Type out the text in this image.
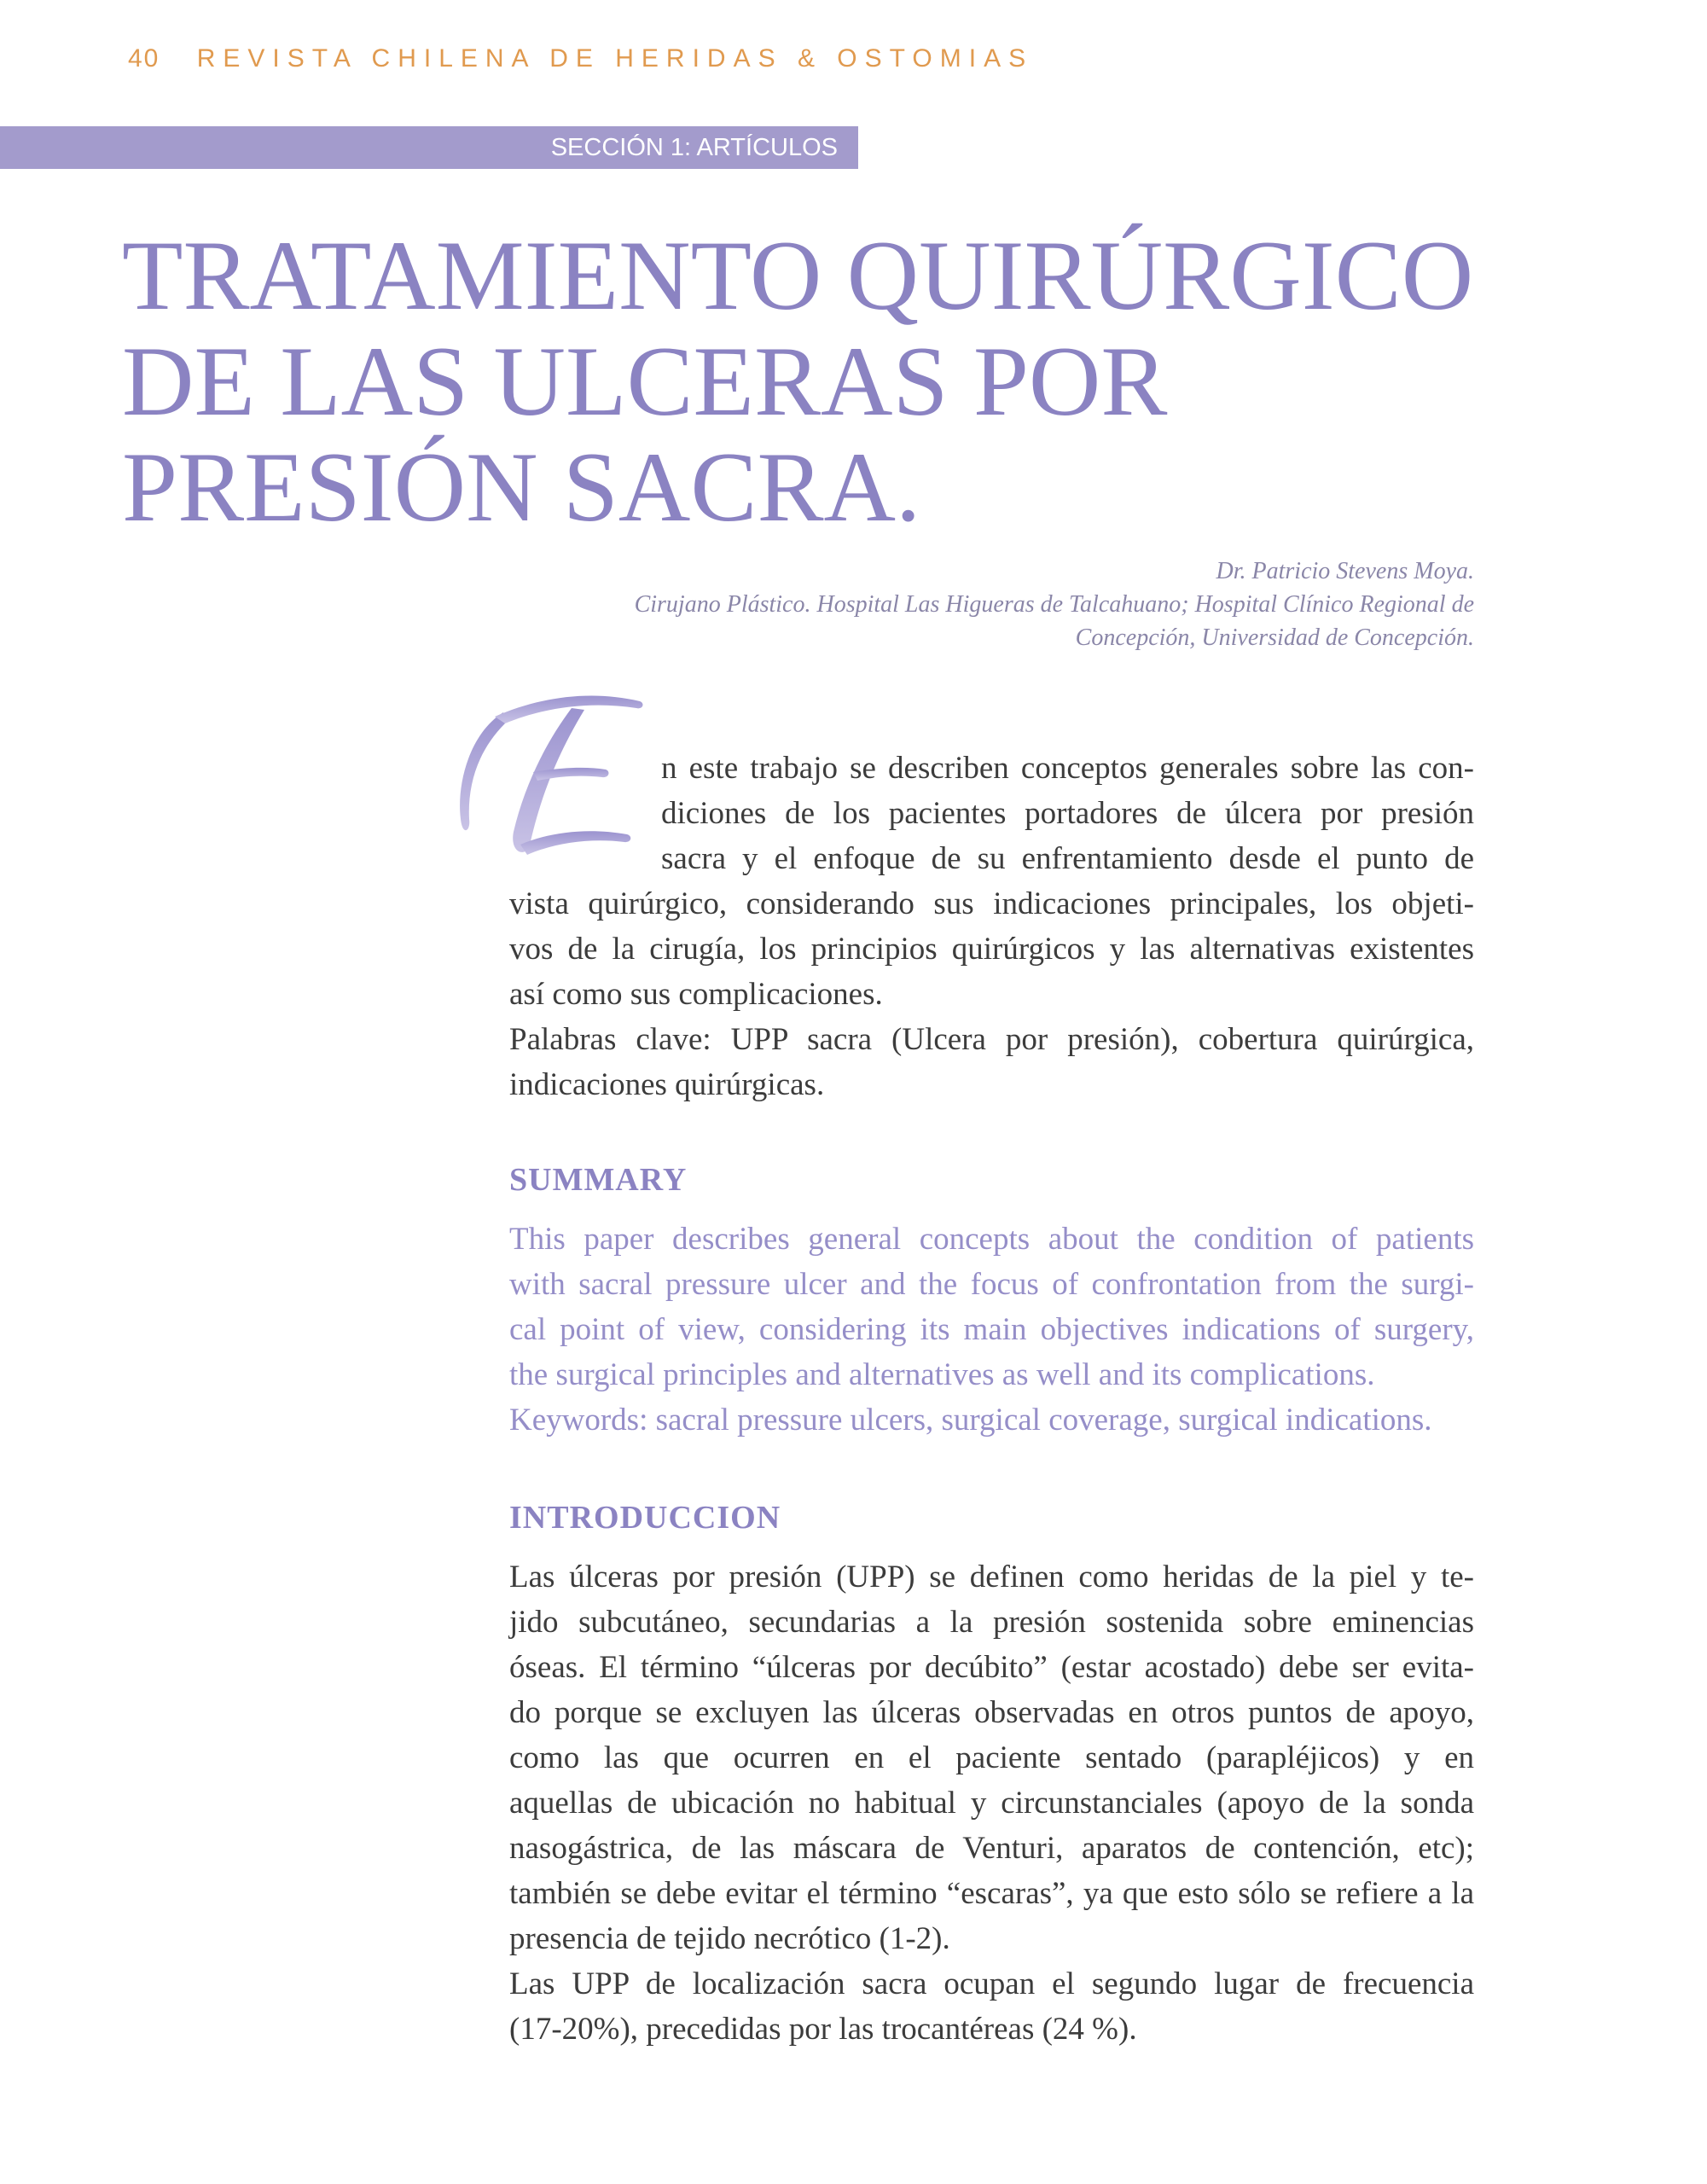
40 REVISTA CHILENA DE HERIDAS & OSTOMIAS
SECCIÓN 1: ARTÍCULOS
TRATAMIENTO QUIRÚRGICO
DE LAS ULCERAS POR
PRESIÓN SACRA.
Dr. Patricio Stevens Moya.
Cirujano Plástico. Hospital Las Higueras de Talcahuano; Hospital Clínico Regional de
Concepción, Universidad de Concepción.
n este trabajo se describen conceptos generales sobre las con-
diciones de los pacientes portadores de úlcera por presión
sacra y el enfoque de su enfrentamiento desde el punto de
vista quirúrgico, considerando sus indicaciones principales, los objeti-
vos de la cirugía, los principios quirúrgicos y las alternativas existentes
así como sus complicaciones.
Palabras clave: UPP sacra (Ulcera por presión), cobertura quirúrgica,
indicaciones quirúrgicas.
SUMMARY
This paper describes general concepts about the condition of patients
with sacral pressure ulcer and the focus of confrontation from the surgi-
cal point of view, considering its main objectives indications of surgery,
the surgical principles and alternatives as well and its complications.
Keywords: sacral pressure ulcers, surgical coverage, surgical indications.
INTRODUCCION
Las úlceras por presión (UPP) se definen como heridas de la piel y te-
jido subcutáneo, secundarias a la presión sostenida sobre eminencias
óseas. El término “úlceras por decúbito” (estar acostado) debe ser evita-
do porque se excluyen las úlceras observadas en otros puntos de apoyo,
como las que ocurren en el paciente sentado (parapléjicos) y en
aquellas de ubicación no habitual y circunstanciales (apoyo de la sonda
nasogástrica, de las máscara de Venturi, aparatos de contención, etc);
también se debe evitar el término “escaras”, ya que esto sólo se refiere a la
presencia de tejido necrótico (1-2).
Las UPP de localización sacra ocupan el segundo lugar de frecuencia
(17-20%), precedidas por las trocantéreas (24 %).
